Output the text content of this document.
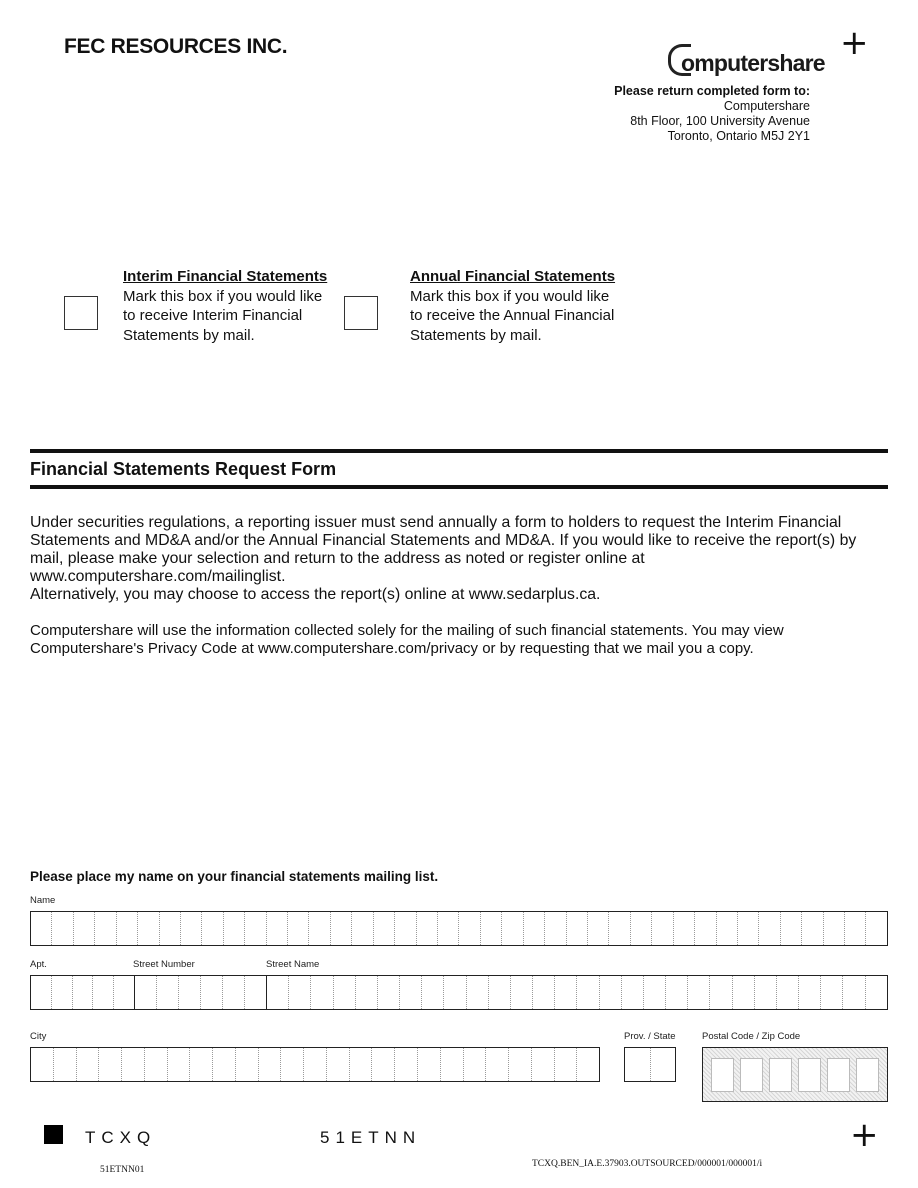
FEC RESOURCES INC.
omputershare +
Please return completed form to:
Computershare
8th Floor, 100 University Avenue
Toronto, Ontario M5J 2Y1
Interim Financial Statements
Mark this box if you would like to receive Interim Financial Statements by mail.
Annual Financial Statements
Mark this box if you would like to receive the Annual Financial Statements by mail.
Financial Statements Request Form
Under securities regulations, a reporting issuer must send annually a form to holders to request the Interim Financial Statements and MD&A and/or the Annual Financial Statements and MD&A. If you would like to receive the report(s) by mail, please make your selection and return to the address as noted or register online at www.computershare.com/mailinglist.
Alternatively, you may choose to access the report(s) online at www.sedarplus.ca.
Computershare will use the information collected solely for the mailing of such financial statements. You may view Computershare's Privacy Code at www.computershare.com/privacy or by requesting that we mail you a copy.
Please place my name on your financial statements mailing list.
Name
Apt.	Street Number	Street Name
City	Prov. / State	Postal Code / Zip Code
TCXQ	51ETNN	+
51ETNN01
TCXQ.BEN_IA.E.37903.OUTSOURCED/000001/000001/i
